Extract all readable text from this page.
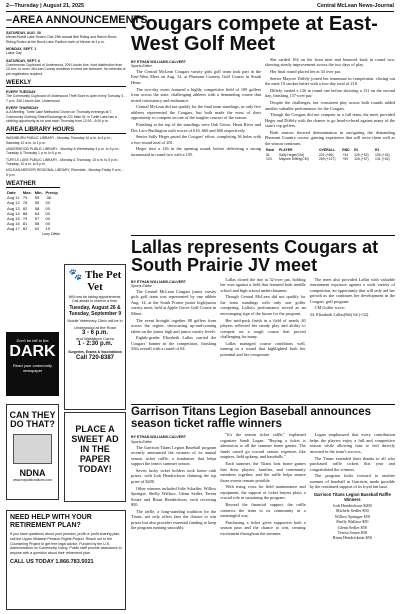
2—Thursday | August 21, 2025	Central McLean News-Journal
–AREA ANNOUNCEMENTS–
SATURDAY, AUG. 30
Mercer/Noble Lake Rodeo Club 19th annual Bell Riding and Ranch Bronc Riding Rodeo at the Brock Lake Pavilion north of Mercer at 4 p.m.
MONDAY, SEPT. 1
Labor Day
SATURDAY, SEPT. 6
Commmunic Cupboard of Underwood, 206 Lincoln Ave, food distribution from 10 a.m. to noon. McLean County residents in need are welcome. No referrals or pre-registration required.
WEEKLY
EVERY TUESDAY
The Community Cupboard of Underwood Thrift Store is open every Tuesday 3 - 7 p.m. 206 Lincoln Ave. Underwood
EVERY THURSDAY
A.A Meeting, Turtle Lake Methodist Church on Thursday evenings at 7. Community Clothing Share/Exchange at 221 Main St. in Turtle Lake has a clothing opportunity at no cost each Thursday from 12:00 - 6:00 p.m.
AREA LIBRARY HOURS
WASHBURN PUBLIC LIBRARY - Monday-Thursday 10 a.m. to 6 p.m.; Saturday 10 a.m. to 1 p.m.
UNDERWOOD PUBLIC LIBRARY - Monday & Wednesday 4 p.m. to 5 p.m.; Tuesday & Thursday 1 p.m. to 6 p.m.
TURTLE LAKE PUBLIC LIBRARY - Monday & Thursday, 10 a.m. to 5 p.m.; Tuesday, 10 a.m. to 5 p.m.
MCLEAN-MERCER REGIONAL LIBRARY, Riverdale - Monday-Friday 9 a.m. - 5 p.m.
WEATHER
Date	Max.	Min.	Precip
Aug 11	79	59	.36
Aug 12	78	55	00
Aug 13	82	58	00
Aug 14	88	64	00
Aug 15	79	57	00
Aug 16	81	58	00
Aug 17	82	62	19
Larry Dittak
🐾 The Pet Vet
Will now be taking appointments. Call ahead to reserve a time.
Tuesday, August 26 & Tuesday, September 9
Mobile Veterinary Clinic will be in
Underwood at the Rose
3 - 6 p.m.
and Washburn Cares
1 - 2:30 p.m.
Surgeries, Exams & Vaccinations
Call 720-8387
Don't be left in the
DARK
Read your community newspaper
CAN THEY DO THAT?
NDNA
www.ndpublicnotices.com
PLACE A SWEET AD IN THE PAPER TODAY!
NEED HELP WITH YOUR RETIREMENT PLAN?
If you have questions about your pension, profit or profit sharing plan, call the Upper Midwest Pension Rights Project. Reach out to the Counseling Project to get free legal advice. Funded by the U.S. Administration on Community Living. Public staff provide assistance to anyone with a question about their retirement plan.
CALL US TODAY 1.866.783.5021
Cougars compete at East-West Golf Meet
BY ETHAN WILLIAMS-CALVERT
Sports Editor

The Central McLean Cougars varsity girls golf team took part in the East-West Meet on Aug. 12, at Pheasant Country Golf Course in South Heart.

The two-day event featured a highly competitive field of 109 golfers from across the state, challenging athletes with a demanding course that tested consistency and endurance.

Central McLean did not qualify for the final team standings, as only five athletes represented the Cougars, but both made the most of their opportunity to compete on one of the tougher courses of the season.

Finishing at the top of the standings were Oak Grove, Heart River and Des Lacs-Burlington with scores of 616, 660 and 660 respectively.

Senior Sally Heger paced the Cougars' effort, completing 36 holes with a two-round total of 201.

Heger shot a 126 in the opening round, before delivering a strong turnaround in round two with a 105.

She carded 104 on the front nine and bounced back in round two, showing steady improvement across the two days of play.

Her final round placed her at 34 over par.

Senior Maycee Diffely joined her teammate in competition, closing out the meet 10 strokes better with a two-day total of 218.

Diffely carded a 126 in round one before shooting a 131 on the second day, finishing 137-over par.

Despite the challenges, her consistent play across both rounds added another valuable performance for the Cougars.

Though the Cougars did not compete as a full team, the meet provided Heger and Diffely with the chance to go head-to-head against many of the state's top golfers.

Both seniors showed determination in navigating the demanding Pheasant Country course, gaining experience that will serve them well as the season continues.

Rank	PLAYER	OVERALL	RND	R1	R2
61	Sally Heger(CM)	221 (+66)	+34	126 (+52)	105 (+34)
103	Maycee Diffely(CM)	269 (+127)	+59	126 (+57)	131 (+62)
Lallas represents Cougars at South Prairie JV meet
BY ETHAN WILLIAMS-CALVERT
Sports Editor

The Central McLean Cougars junior varsity girls golf team was represented by one athlete Aug. 14, at the South Prairie junior high/junior varsity meet, held at Apple Grove Golf Course in Minot.

The event brought together 88 golfers from across the region, showcasing up-and-coming talent on the junior high and junior varsity levels.

Eighth-grader Elizabeth Lallas carried the Cougars' banner in the competition, finishing 35th overall with a round of 64.

Lallas closed the day at 32-over par, holding her own against a field that featured both middle school and high school underclassmen.

Though Central McLean did not qualify for the team standings with only one golfer competing, Lallas's performance served as an encouraging sign of the future for the program.

Her mid-pack finish in a field of nearly 40 players reflected her steady play and ability to compete on a tough course that proved challenging for many.

Lallas managed course conditions well, turning in a round that highlighted both her potential and her composure.

The meet also provided Lallas with valuable tournament exposure against a wide variety of competition, an opportunity that will only aid her growth as she continues her development in the Cougars' golf program.

CM Golfer score:

34. Elizabeth Lallas(8th) 64 (+32)

Garrison Titans Legion Baseball announces season ticket raffle winners
BY ETHAN WILLIAMS-CALVERT
Sports Editor

The Garrison Titans Legion Baseball program recently announced the winners of its annual season ticket raffle, a fundraiser that helps support the team's summer season.

Seven lucky ticket holders took home cash prizes, with Jodi Hendrickson claiming the top prize of $200.

Other winners included Julie Schaffer, Willow Springer, Shelly Wallace, Glenn Sedler, Teresa Souze and Brian Hendrickson, each receiving $50.

The raffle, a long-standing tradition for the Titans, not only offers fans the chance to win prizes but also provides essential funding to keep the program running smoothly.

"It's the season ticket raffle," explained organizer Sandi Logan. "Buying a ticket is admission to all the summer home games. The funds raised go toward season expenses like umpires, field upkeep, and baseballs."

Each summer, the Titans host home games that draw players, families, and community members together, and the raffle helps ensure those events remain possible.

With rising costs for field maintenance and equipment, the support of ticket buyers plays a crucial role in sustaining the program.

Beyond the financial support, the raffle connects the team to its community in a meaningful way.

Purchasing a ticket gives supporters both a season pass and the chance to win, creating excitement throughout the summer.

Logan emphasized that every contribution helps the players enjoy a full and competitive season while allowing fans to feel directly invested in the team's success.

The Titans extended their thanks to all who purchased raffle tickets this year and congratulated the winners.

The program looks forward to another summer of baseball in Garrison, made possible by the continued support of its loyal fan base.

Garrison Titans Legion Baseball Raffle Winners
Jodi Hendrickson $200
Michele Sedler $50
Willow Springer $50
Shelly Wallace $50
Glenn Sedler $50
Teresa Souze $50
Brian Hendrickson $50
